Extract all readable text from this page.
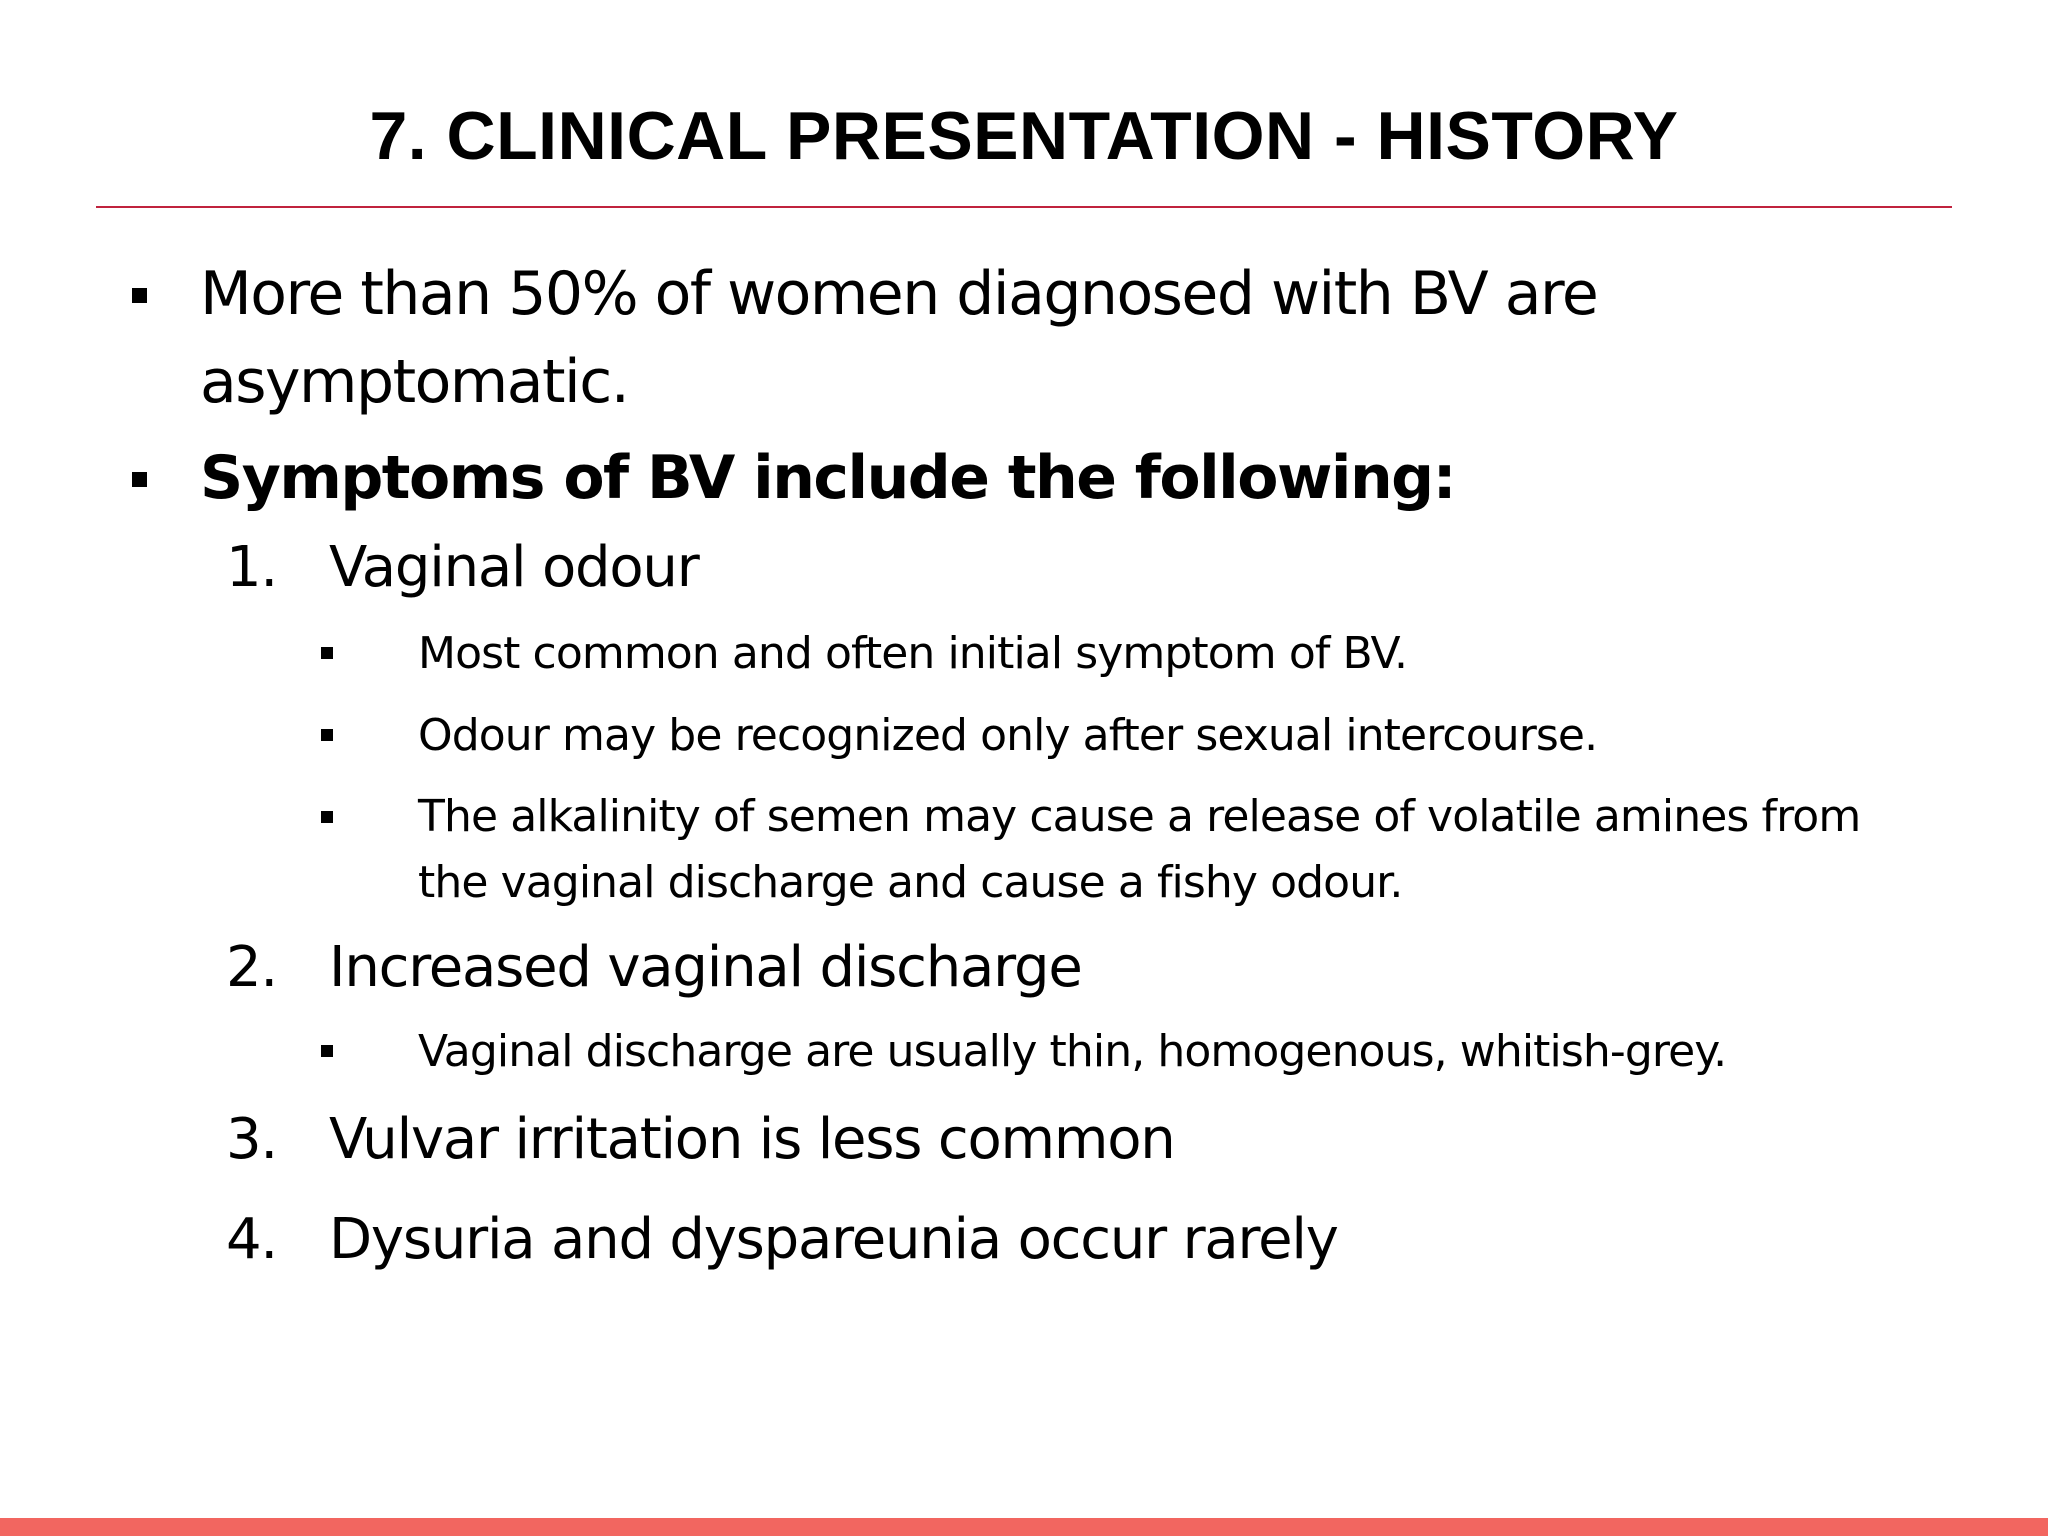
7. CLINICAL PRESENTATION - HISTORY
More than 50% of women diagnosed with BV are asymptomatic.
Symptoms of BV include the following:
1. Vaginal odour
Most common and often initial symptom of BV.
Odour may be recognized only after sexual intercourse.
The alkalinity of semen may cause a release of volatile amines from the vaginal discharge and cause a fishy odour.
2. Increased vaginal discharge
Vaginal discharge are usually thin, homogenous, whitish-grey.
3. Vulvar irritation is less common
4. Dysuria and dyspareunia occur rarely
